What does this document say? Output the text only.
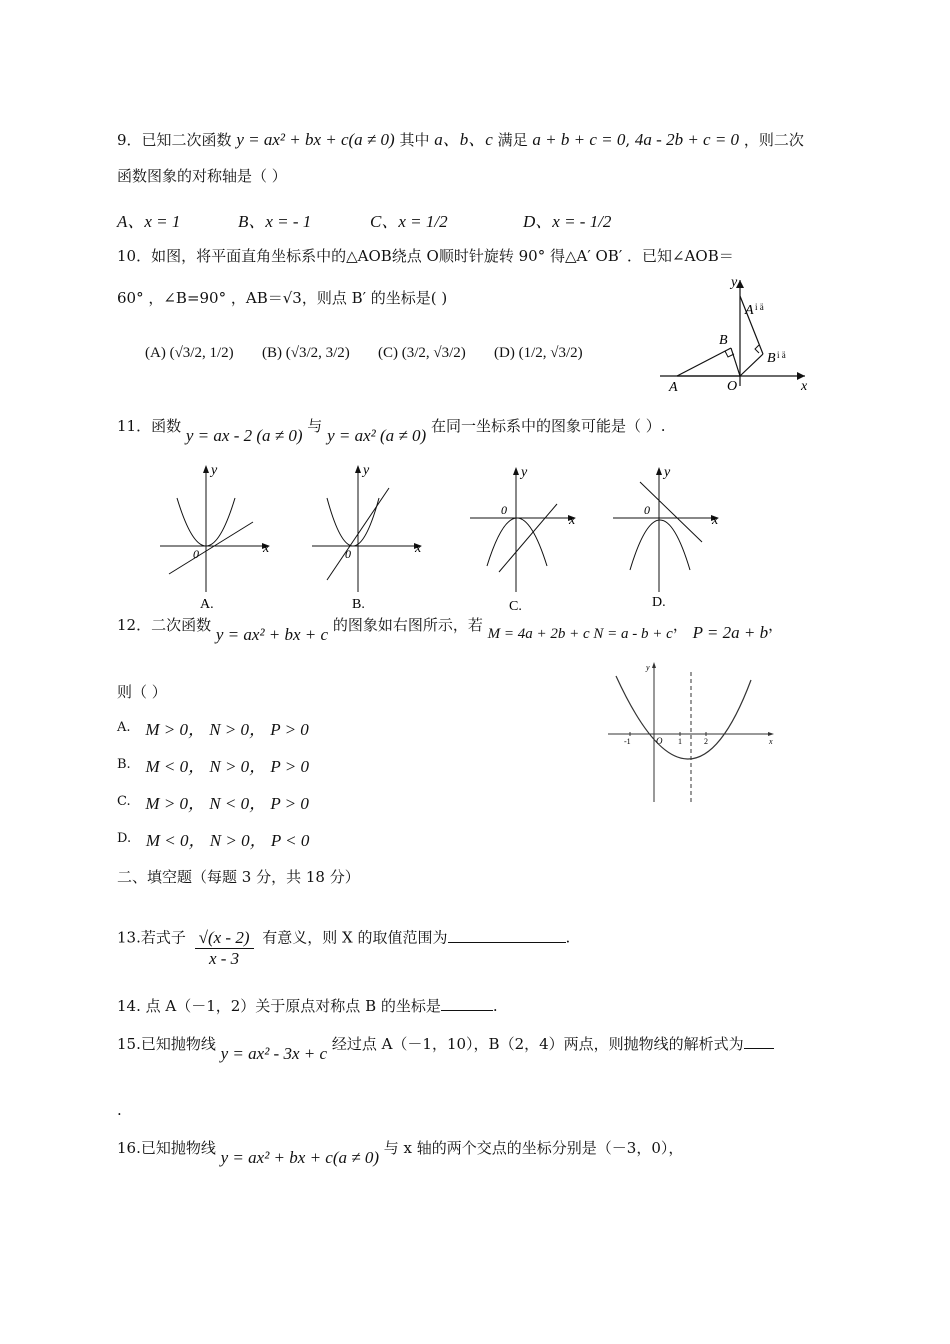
9．已知二次函数 y = ax² + bx + c(a ≠ 0) 其中 a、b、c 满足 a + b + c = 0, 4a - 2b + c = 0 ，则二次
函数图象的对称轴是（ ）
A、x = 1	B、x = - 1	C、x = 1/2	D、x = - 1/2
10．如图，将平面直角坐标系中的△AOB绕点 O顺时针旋转 90° 得△A′ OB′ ．已知∠AOB＝
60° ，∠B=90° ，AB＝√3，则点 B′ 的坐标是( )
(A) (√3/2, 1/2) (B) (√3/2, 3/2) (C) (3/2, √3/2) (D) (1/2, √3/2)
y
x
A i ä
B
B i ä
A	O
11．函数 y = ax - 2 (a ≠ 0) 与 y = ax² (a ≠ 0) 在同一坐标系中的图象可能是（ ）.
y
x
0
A.
y
x
0
B.
y
x
0
C.
y
x
0
D.
12．二次函数 y = ax² + bx + c 的图象如右图所示，若 M = 4a + 2b + c N = a - b + c， P = 2a + b，
则（ ）
A. M > 0， N > 0， P > 0
B. M < 0， N > 0， P > 0
C. M > 0， N < 0， P > 0
D. M < 0， N > 0， P < 0
-1	O 1	2
y
x
二、填空题（每题 3 分，共 18 分）
13.若式子 $\frac{√(x - 2)}{x - 3}$ 有意义，则 X 的取值范围为	.
14. 点 A（－1，2）关于原点对称点 B 的坐标是	.
15.已知抛物线 y = ax² - 3x + c 经过点 A（－1，10），B（2，4）两点，则抛物线的解析式为
.
16.已知抛物线 y = ax² + bx + c(a ≠ 0) 与 x 轴的两个交点的坐标分别是（－3，0），
